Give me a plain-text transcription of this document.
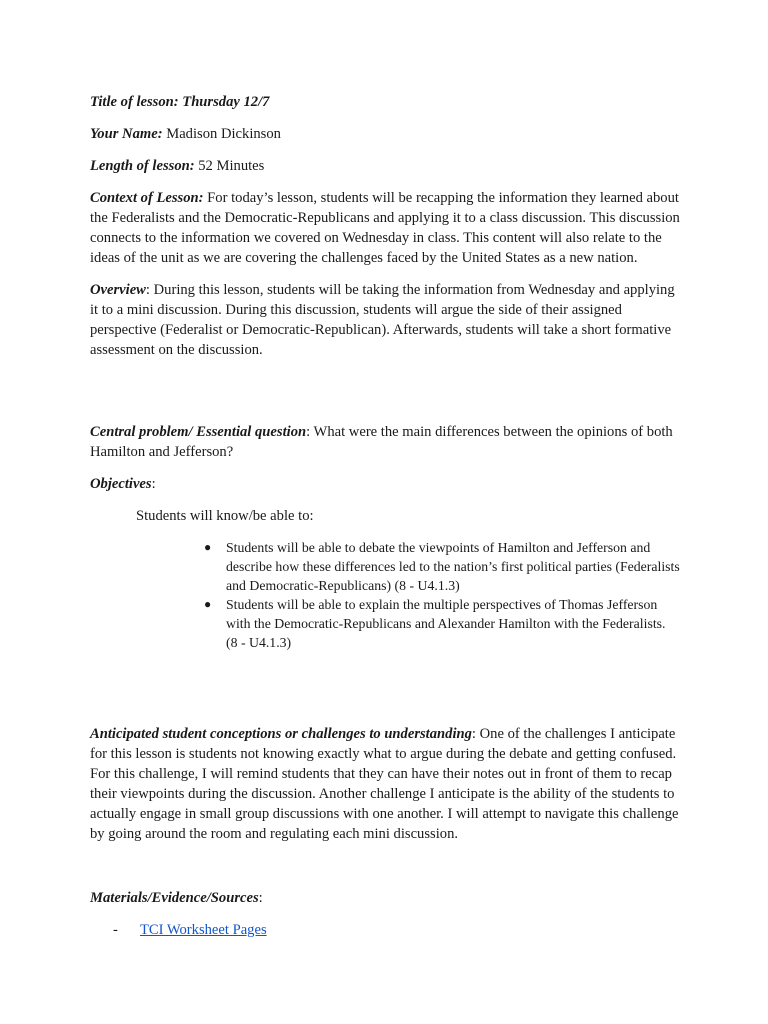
Title of lesson: Thursday 12/7

Your Name: Madison Dickinson

Length of lesson: 52 Minutes

Context of Lesson: For today’s lesson, students will be recapping the information they learned about the Federalists and the Democratic-Republicans and applying it to a class discussion. This discussion connects to the information we covered on Wednesday in class. This content will also relate to the ideas of the unit as we are covering the challenges faced by the United States as a new nation.

Overview: During this lesson, students will be taking the information from Wednesday and applying it to a mini discussion. During this discussion, students will argue the side of their assigned perspective (Federalist or Democratic-Republican). Afterwards, students will take a short formative assessment on the discussion.

Central problem/ Essential question: What were the main differences between the opinions of both Hamilton and Jefferson?

Objectives:

Students will know/be able to:

● Students will be able to debate the viewpoints of Hamilton and Jefferson and describe how these differences led to the nation’s first political parties (Federalists and Democratic-Republicans) (8 - U4.1.3)
● Students will be able to explain the multiple perspectives of Thomas Jefferson with the Democratic-Republicans and Alexander Hamilton with the Federalists. (8 - U4.1.3)

Anticipated student conceptions or challenges to understanding: One of the challenges I anticipate for this lesson is students not knowing exactly what to argue during the debate and getting confused. For this challenge, I will remind students that they can have their notes out in front of them to recap their viewpoints during the discussion. Another challenge I anticipate is the ability of the students to actually engage in small group discussions with one another. I will attempt to navigate this challenge by going around the room and regulating each mini discussion.

Materials/Evidence/Sources:

- TCI Worksheet Pages
